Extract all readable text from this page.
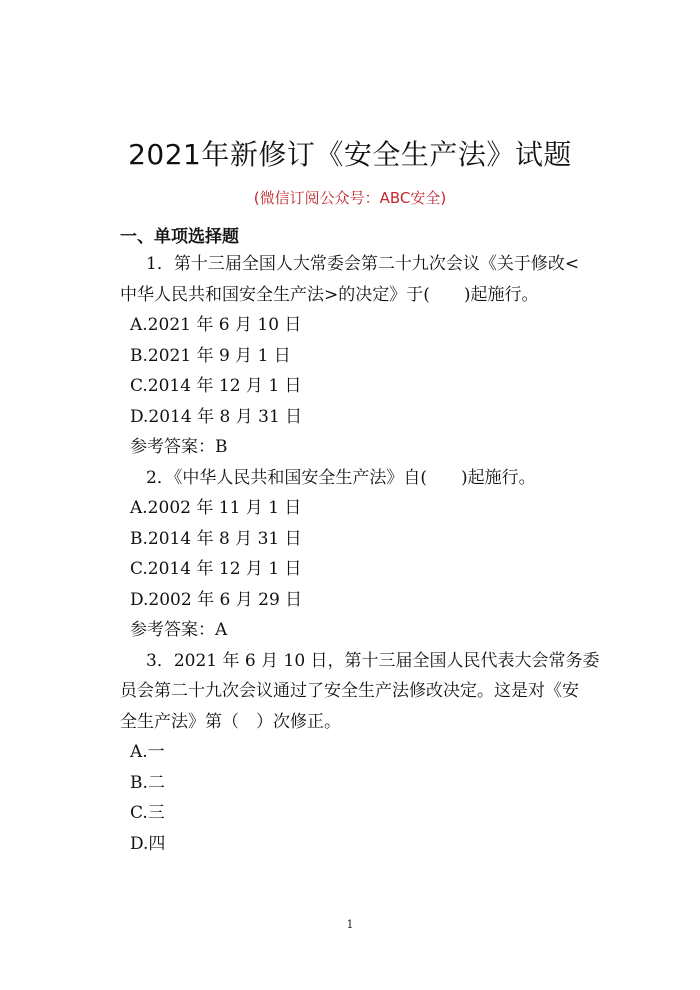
2021年新修订《安全生产法》试题
(微信订阅公众号：ABC安全)
一、单项选择题
1．第十三届全国人大常委会第二十九次会议《关于修改<
中华人民共和国安全生产法>的决定》于(　　)起施行。
A.2021 年 6 月 10 日
B.2021 年 9 月 1 日
C.2014 年 12 月 1 日
D.2014 年 8 月 31 日
参考答案：B
2．《中华人民共和国安全生产法》自(　　)起施行。
A.2002 年 11 月 1 日
B.2014 年 8 月 31 日
C.2014 年 12 月 1 日
D.2002 年 6 月 29 日
参考答案：A
3．2021 年 6 月 10 日，第十三届全国人民代表大会常务委
员会第二十九次会议通过了安全生产法修改决定。这是对《安
全生产法》第（　）次修正。
A.一
B.二
C.三
D.四
1
